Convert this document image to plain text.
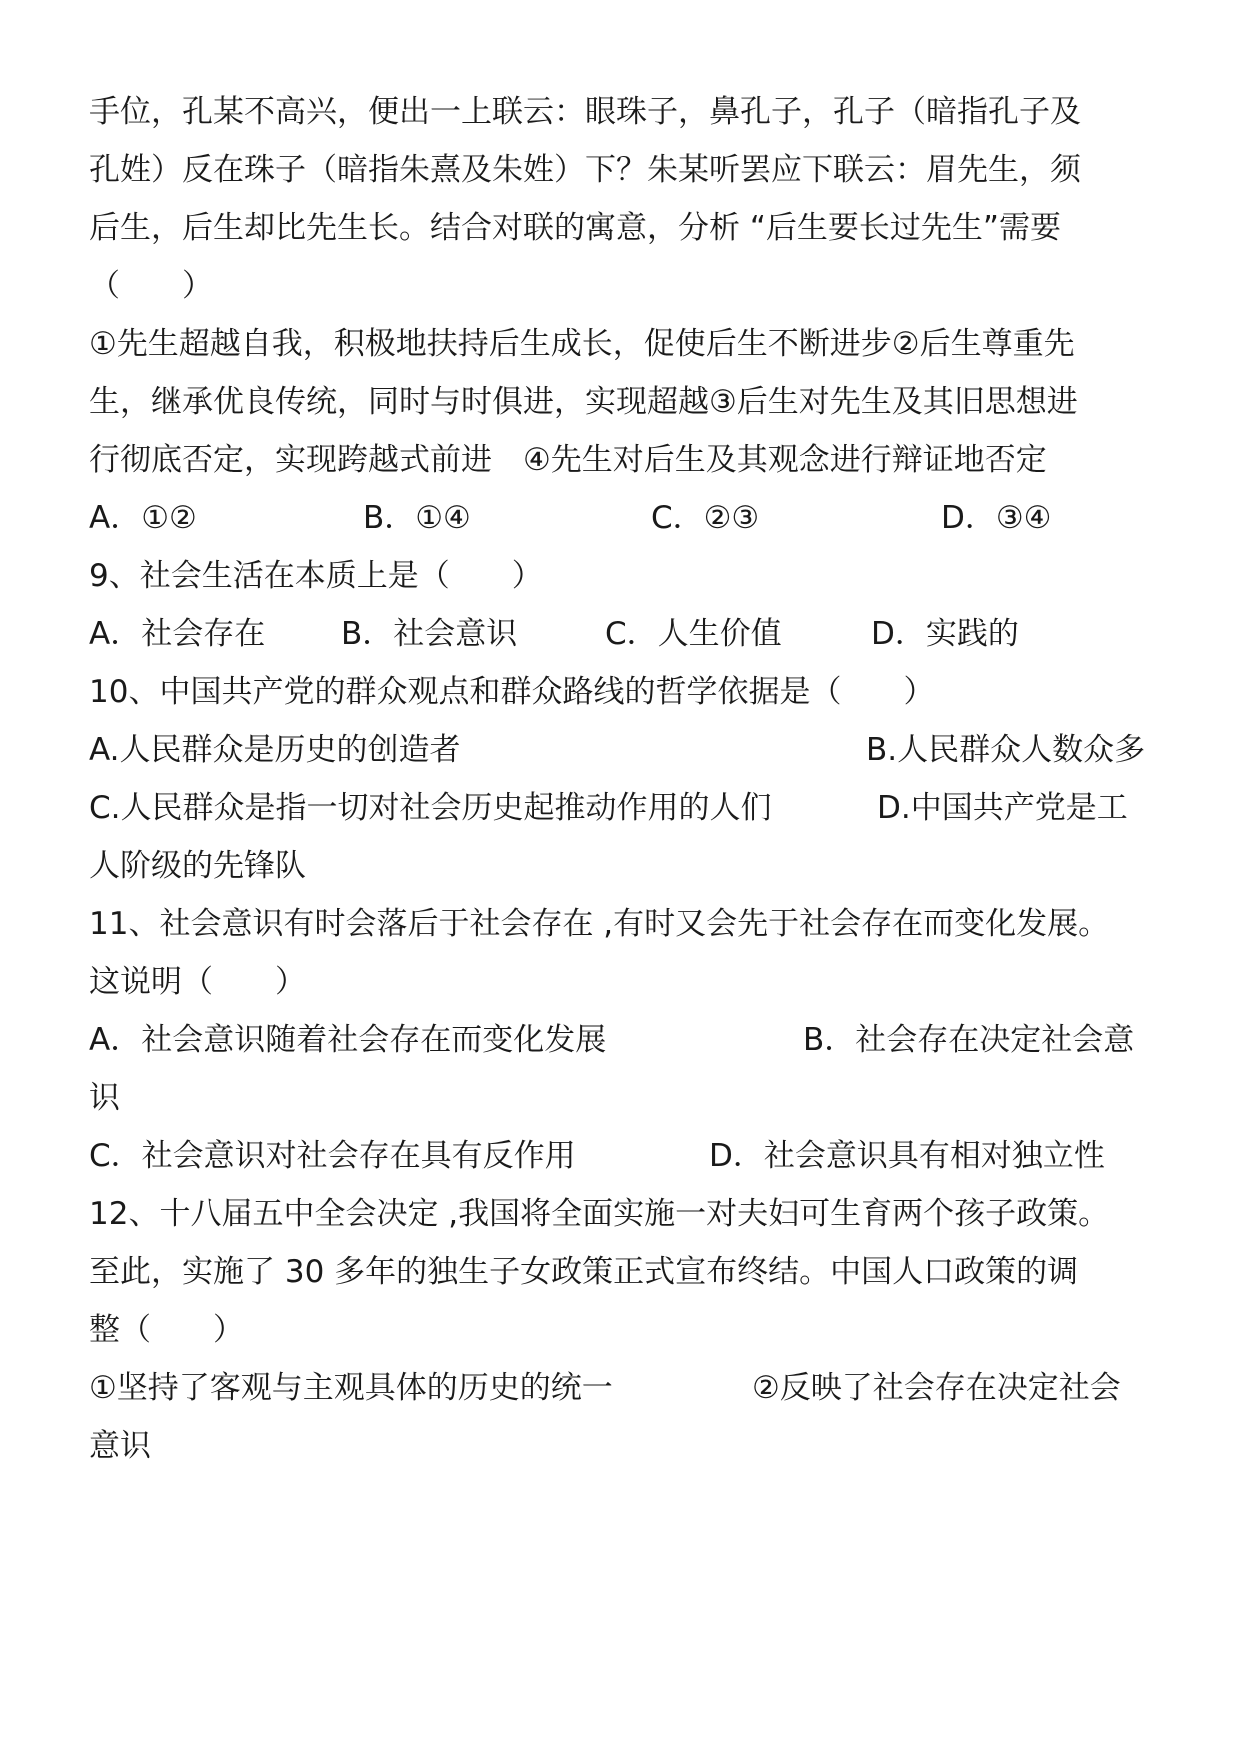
手位，孔某不高兴，便出一上联云：眼珠子，鼻孔子，孔子（暗指孔子及
孔姓）反在珠子（暗指朱熹及朱姓）下？朱某听罢应下联云：眉先生，须
后生，后生却比先生长。结合对联的寓意，分析 “后生要长过先生”需要
（　　）
①先生超越自我，积极地扶持后生成长，促使后生不断进步②后生尊重先
生，继承优良传统，同时与时俱进，实现超越③后生对先生及其旧思想进
行彻底否定，实现跨越式前进　④先生对后生及其观念进行辩证地否定
A．①②	B．①④	C．②③	D．③④
9、社会生活在本质上是（　　）
A．社会存在 B．社会意识	C．人生价值	D．实践的
10、中国共产党的群众观点和群众路线的哲学依据是（　　）
A.人民群众是历史的创造者	B.人民群众人数众多
C.人民群众是指一切对社会历史起推动作用的人们	D.中国共产党是工
人阶级的先锋队
11、社会意识有时会落后于社会存在 ,有时又会先于社会存在而变化发展。
这说明（　　）
A．社会意识随着社会存在而变化发展	B．社会存在决定社会意
识
C．社会意识对社会存在具有反作用	D．社会意识具有相对独立性
12、十八届五中全会决定 ,我国将全面实施一对夫妇可生育两个孩子政策。
至此，实施了 30 多年的独生子女政策正式宣布终结。中国人口政策的调
整（　　）
①坚持了客观与主观具体的历史的统一	②反映了社会存在决定社会
意识
